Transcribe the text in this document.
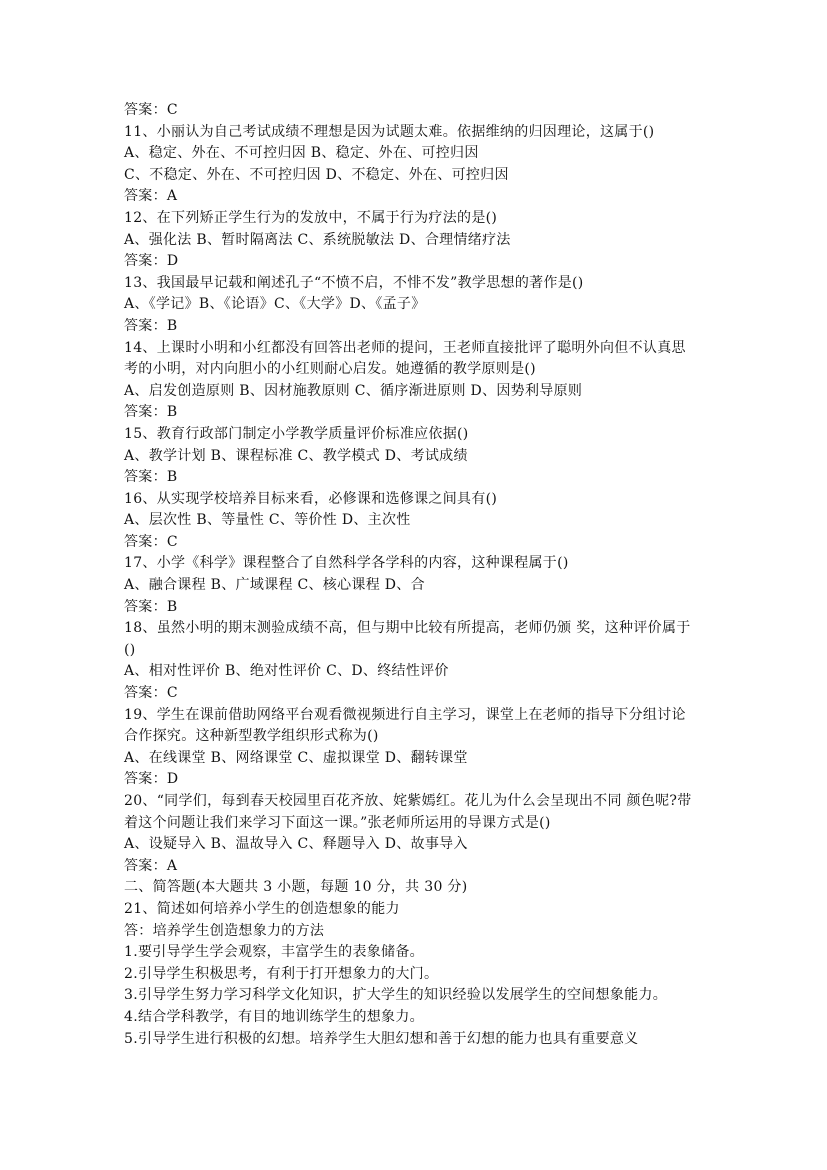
答案：C
11、小丽认为自己考试成绩不理想是因为试题太难。依据维纳的归因理论，这属于()
A、稳定、外在、不可控归因 B、稳定、外在、可控归因
C、不稳定、外在、不可控归因 D、不稳定、外在、可控归因
答案：A
12、在下列矫正学生行为的发放中，不属于行为疗法的是()
A、强化法 B、暂时隔离法 C、系统脱敏法 D、合理情绪疗法
答案：D
13、我国最早记载和阐述孔子“不愤不启，不悱不发”教学思想的著作是()
A、《学记》B、《论语》C、《大学》D、《孟子》
答案：B
14、上课时小明和小红都没有回答出老师的提问，王老师直接批评了聪明外向但不认真思
考的小明，对内向胆小的小红则耐心启发。她遵循的教学原则是()
A、启发创造原则 B、因材施教原则 C、循序渐进原则 D、因势利导原则
答案：B
15、教育行政部门制定小学教学质量评价标准应依据()
A、教学计划 B、课程标准 C、教学模式 D、考试成绩
答案：B
16、从实现学校培养目标来看，必修课和选修课之间具有()
A、层次性 B、等量性 C、等价性 D、主次性
答案：C
17、小学《科学》课程整合了自然科学各学科的内容，这种课程属于()
A、融合课程 B、广域课程 C、核心课程 D、合
答案：B
18、虽然小明的期末测验成绩不高，但与期中比较有所提高，老师仍颁 奖，这种评价属于
()
A、相对性评价 B、绝对性评价 C、D、终结性评价
答案：C
19、学生在课前借助网络平台观看微视频进行自主学习，课堂上在老师的指导下分组讨论
合作探究。这种新型教学组织形式称为()
A、在线课堂 B、网络课堂 C、虚拟课堂 D、翻转课堂
答案：D
20、“同学们，每到春天校园里百花齐放、姹紫嫣红。花儿为什么会呈现出不同 颜色呢?带
着这个问题让我们来学习下面这一课。”张老师所运用的导课方式是()
A、设疑导入 B、温故导入 C、释题导入 D、故事导入
答案：A
二、简答题(本大题共 3 小题，每题 10 分，共 30 分)
21、简述如何培养小学生的创造想象的能力
答：培养学生创造想象力的方法
1.要引导学生学会观察，丰富学生的表象储备。
2.引导学生积极思考，有利于打开想象力的大门。
3.引导学生努力学习科学文化知识，扩大学生的知识经验以发展学生的空间想象能力。
4.结合学科教学，有目的地训练学生的想象力。
5.引导学生进行积极的幻想。培养学生大胆幻想和善于幻想的能力也具有重要意义
